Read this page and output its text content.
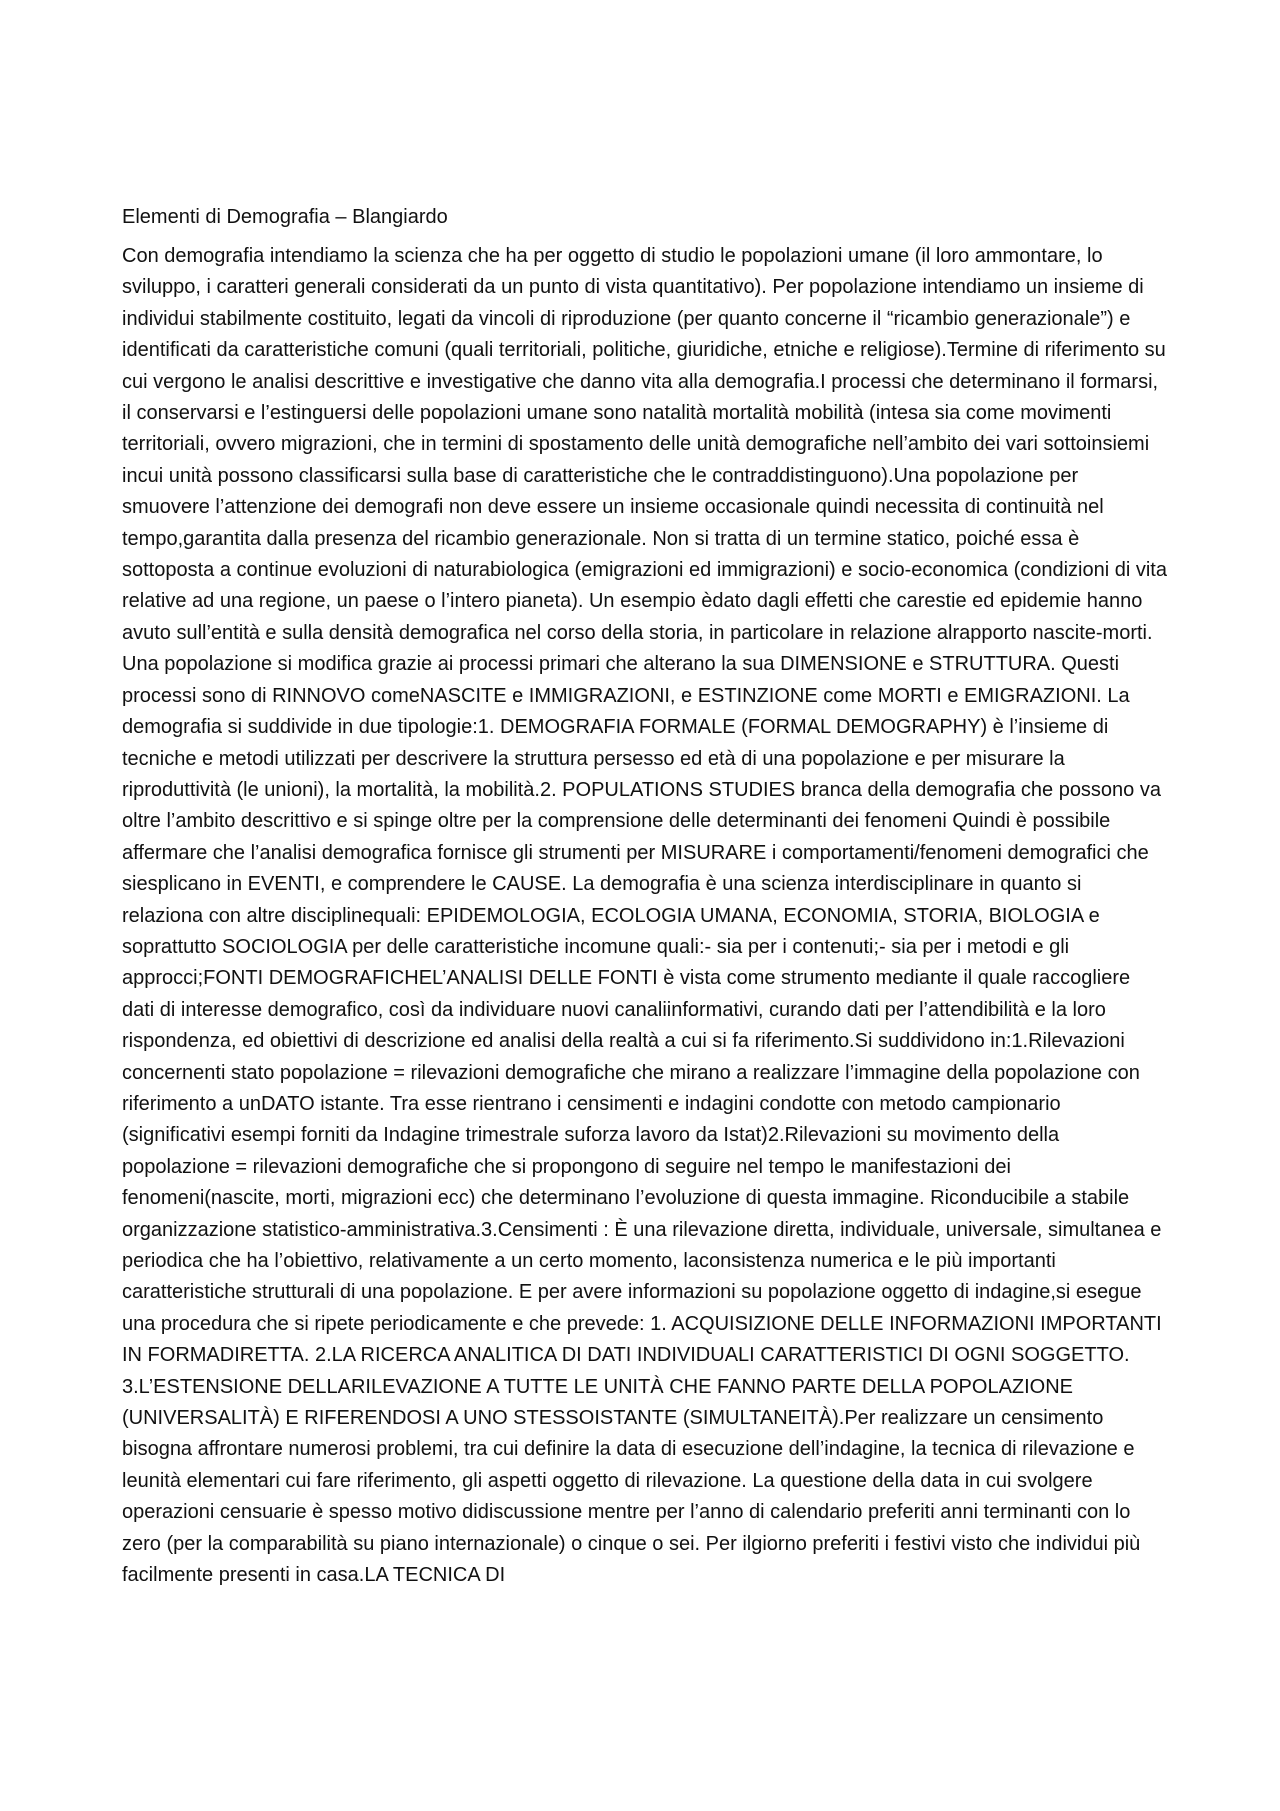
Elementi di Demografia – Blangiardo

Con demografia intendiamo la scienza che ha per oggetto di studio le popolazioni umane (il loro ammontare, lo sviluppo, i caratteri generali considerati da un punto di vista quantitativo). Per popolazione intendiamo un insieme di individui stabilmente costituito, legati da vincoli di riproduzione (per quanto concerne il “ricambio generazionale”) e identificati da caratteristiche comuni (quali territoriali, politiche, giuridiche, etniche e religiose).Termine di riferimento su cui vergono le analisi descrittive e investigative che danno vita alla demografia.I processi che determinano il formarsi, il conservarsi e l’estinguersi delle popolazioni umane sono natalità mortalità mobilità (intesa sia come movimenti territoriali, ovvero migrazioni, che in termini di spostamento delle unità demografiche nell’ambito dei vari sottoinsiemi incui unità possono classificarsi sulla base di caratteristiche che le contraddistinguono).Una popolazione per smuovere l’attenzione dei demografi non deve essere un insieme occasionale quindi necessita di continuità nel tempo,garantita dalla presenza del ricambio generazionale. Non si tratta di un termine statico, poiché essa è sottoposta a continue evoluzioni di naturabiologica (emigrazioni ed immigrazioni) e socio-economica (condizioni di vita relative ad una regione, un paese o l’intero pianeta). Un esempio èdato dagli effetti che carestie ed epidemie hanno avuto sull’entità e sulla densità demografica nel corso della storia, in particolare in relazione alrapporto nascite-morti. Una popolazione si modifica grazie ai processi primari che alterano la sua DIMENSIONE e STRUTTURA. Questi processi sono di RINNOVO comeNASCITE e IMMIGRAZIONI, e ESTINZIONE come MORTI e EMIGRAZIONI. La demografia si suddivide in due tipologie:1. DEMOGRAFIA FORMALE (FORMAL DEMOGRAPHY) è l’insieme di tecniche e metodi utilizzati per descrivere la struttura persesso ed età di una popolazione e per misurare la riproduttività (le unioni), la mortalità, la mobilità.2. POPULATIONS STUDIES branca della demografia che possono va oltre l’ambito descrittivo e si spinge oltre per la comprensione delle determinanti dei fenomeni Quindi è possibile affermare che l’analisi demografica fornisce gli strumenti per MISURARE i comportamenti/fenomeni demografici che siesplicano in EVENTI, e comprendere le CAUSE. La demografia è una scienza interdisciplinare in quanto si relaziona con altre disciplinequali: EPIDEMOLOGIA, ECOLOGIA UMANA, ECONOMIA, STORIA, BIOLOGIA e soprattutto SOCIOLOGIA per delle caratteristiche incomune quali:- sia per i contenuti;- sia per i metodi e gli approcci;FONTI DEMOGRAFICHEL’ANALISI DELLE FONTI è vista come strumento mediante il quale raccogliere dati di interesse demografico, così da individuare nuovi canaliinformativi, curando dati per l’attendibilità e la loro rispondenza, ed obiettivi di descrizione ed analisi della realtà a cui si fa riferimento.Si suddividono in:1.Rilevazioni concernenti stato popolazione = rilevazioni demografiche che mirano a realizzare l’immagine della popolazione con riferimento a unDATO istante. Tra esse rientrano i censimenti e indagini condotte con metodo campionario (significativi esempi forniti da Indagine trimestrale suforza lavoro da Istat)2.Rilevazioni su movimento della popolazione = rilevazioni demografiche che si propongono di seguire nel tempo le manifestazioni dei fenomeni(nascite, morti, migrazioni ecc) che determinano l’evoluzione di questa immagine. Riconducibile a stabile organizzazione statistico-amministrativa.3.Censimenti : È una rilevazione diretta, individuale, universale, simultanea e periodica che ha l’obiettivo, relativamente a un certo momento, laconsistenza numerica e le più importanti caratteristiche strutturali di una popolazione. E per avere informazioni su popolazione oggetto di indagine,si esegue una procedura che si ripete periodicamente e che prevede: 1. ACQUISIZIONE DELLE INFORMAZIONI IMPORTANTI IN FORMADIRETTA. 2.LA RICERCA ANALITICA DI DATI INDIVIDUALI CARATTERISTICI DI OGNI SOGGETTO. 3.L’ESTENSIONE DELLARILEVAZIONE A TUTTE LE UNITÀ CHE FANNO PARTE DELLA POPOLAZIONE (UNIVERSALITÀ) E RIFERENDOSI A UNO STESSOISTANTE (SIMULTANEITÀ).Per realizzare un censimento bisogna affrontare numerosi problemi, tra cui definire la data di esecuzione dell’indagine, la tecnica di rilevazione e leunità elementari cui fare riferimento, gli aspetti oggetto di rilevazione. La questione della data in cui svolgere operazioni censuarie è spesso motivo didiscussione mentre per l’anno di calendario preferiti anni terminanti con lo zero (per la comparabilità su piano internazionale) o cinque o sei. Per ilgiorno preferiti i festivi visto che individui più facilmente presenti in casa.LA TECNICA DI
